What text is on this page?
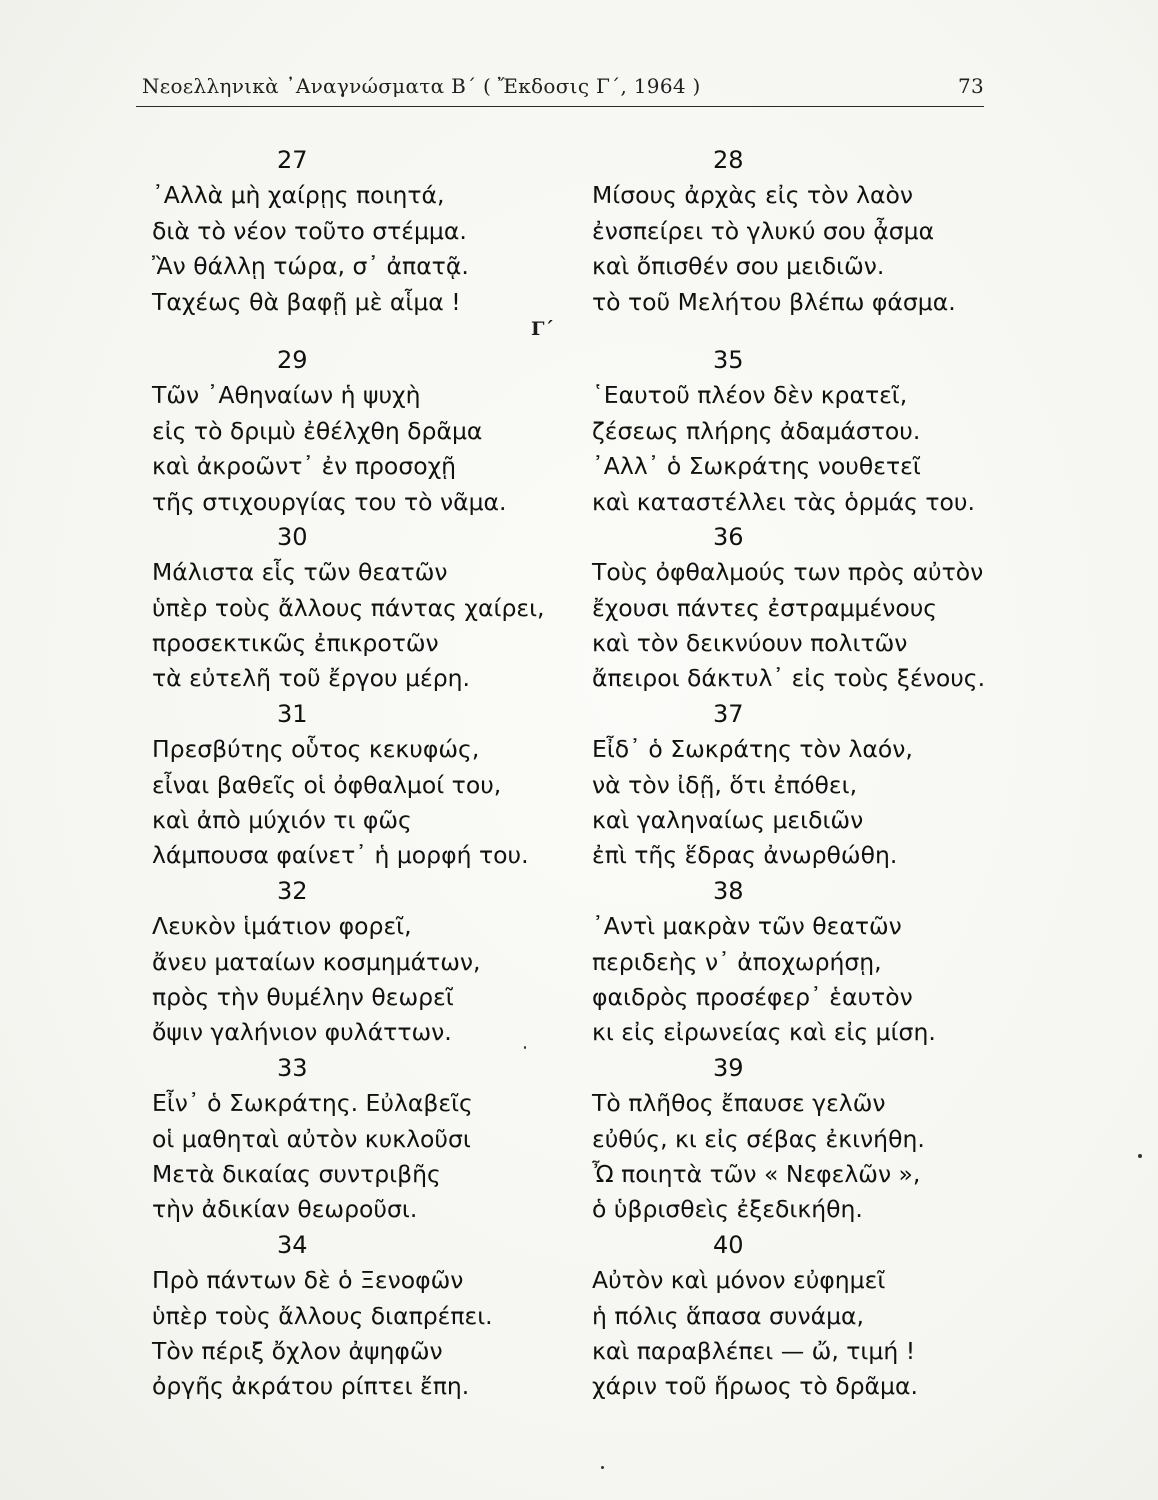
Νεοελληνικὰ ᾿Αναγνώσματα Β΄ ( Ἔκδοσις Γ΄, 1964 )	73
Γ΄
27
᾿Αλλὰ μὴ χαίρῃς ποιητά,
διὰ τὸ νέον τοῦτο στέμμα.
Ἂν θάλλῃ τώρα, σ᾿ ἀπατᾷ.
Ταχέως θὰ βαφῇ μὲ αἷμα !
29
Τῶν ᾿Αθηναίων ἡ ψυχὴ
εἰς τὸ δριμὺ ἐθέλχθη δρᾶμα
καὶ ἀκροῶντ᾿ ἐν προσοχῇ
τῆς στιχουργίας του τὸ νᾶμα.
30
Μάλιστα εἷς τῶν θεατῶν
ὑπὲρ τοὺς ἄλλους πάντας χαίρει,
προσεκτικῶς ἐπικροτῶν
τὰ εὐτελῆ τοῦ ἔργου μέρη.
31
Πρεσβύτης οὗτος κεκυφώς,
εἶναι βαθεῖς οἱ ὀφθαλμοί του,
καὶ ἀπὸ μύχιόν τι φῶς
λάμπουσα φαίνετ᾿ ἡ μορφή του.
32
Λευκὸν ἱμάτιον φορεῖ,
ἄνευ ματαίων κοσμημάτων,
πρὸς τὴν θυμέλην θεωρεῖ
ὄψιν γαλήνιον φυλάττων.
33
Εἶν᾿ ὁ Σωκράτης. Εὐλαβεῖς
οἱ μαθηταὶ αὐτὸν κυκλοῦσι
Μετὰ δικαίας συντριβῆς
τὴν ἀδικίαν θεωροῦσι.
34
Πρὸ πάντων δὲ ὁ Ξενοφῶν
ὑπὲρ τοὺς ἄλλους διαπρέπει.
Τὸν πέριξ ὄχλον ἀψηφῶν
ὀργῆς ἀκράτου ρίπτει ἔπη.
28
Μίσους ἀρχὰς εἰς τὸν λαὸν
ἐνσπείρει τὸ γλυκύ σου ᾆσμα
καὶ ὄπισθέν σου μειδιῶν.
τὸ τοῦ Μελήτου βλέπω φάσμα.
35
῾Εαυτοῦ πλέον δὲν κρατεῖ,
ζέσεως πλήρης ἀδαμάστου.
᾿Αλλ᾿ ὁ Σωκράτης νουθετεῖ
καὶ καταστέλλει τὰς ὁρμάς του.
36
Τοὺς ὀφθαλμούς των πρὸς αὐτὸν
ἔχουσι πάντες ἐστραμμένους
καὶ τὸν δεικνύουν πολιτῶν
ἄπειροι δάκτυλ᾿ εἰς τοὺς ξένους.
37
Εἶδ᾿ ὁ Σωκράτης τὸν λαόν,
νὰ τὸν ἰδῇ, ὅτι ἐπόθει,
καὶ γαληναίως μειδιῶν
ἐπὶ τῆς ἕδρας ἀνωρθώθη.
38
᾿Αντὶ μακρὰν τῶν θεατῶν
περιδεὴς ν᾿ ἀποχωρήσῃ,
φαιδρὸς προσέφερ᾿ ἑαυτὸν
κι εἰς εἰρωνείας καὶ εἰς μίση.
39
Τὸ πλῆθος ἔπαυσε γελῶν
εὐθύς, κι εἰς σέβας ἐκινήθη.
Ὦ ποιητὰ τῶν « Νεφελῶν »,
ὁ ὑβρισθεὶς ἐξεδικήθη.
40
Αὐτὸν καὶ μόνον εὐφημεῖ
ἡ πόλις ἅπασα συνάμα,
καὶ παραβλέπει — ὤ, τιμή !
χάριν τοῦ ἥρωος τὸ δρᾶμα.
